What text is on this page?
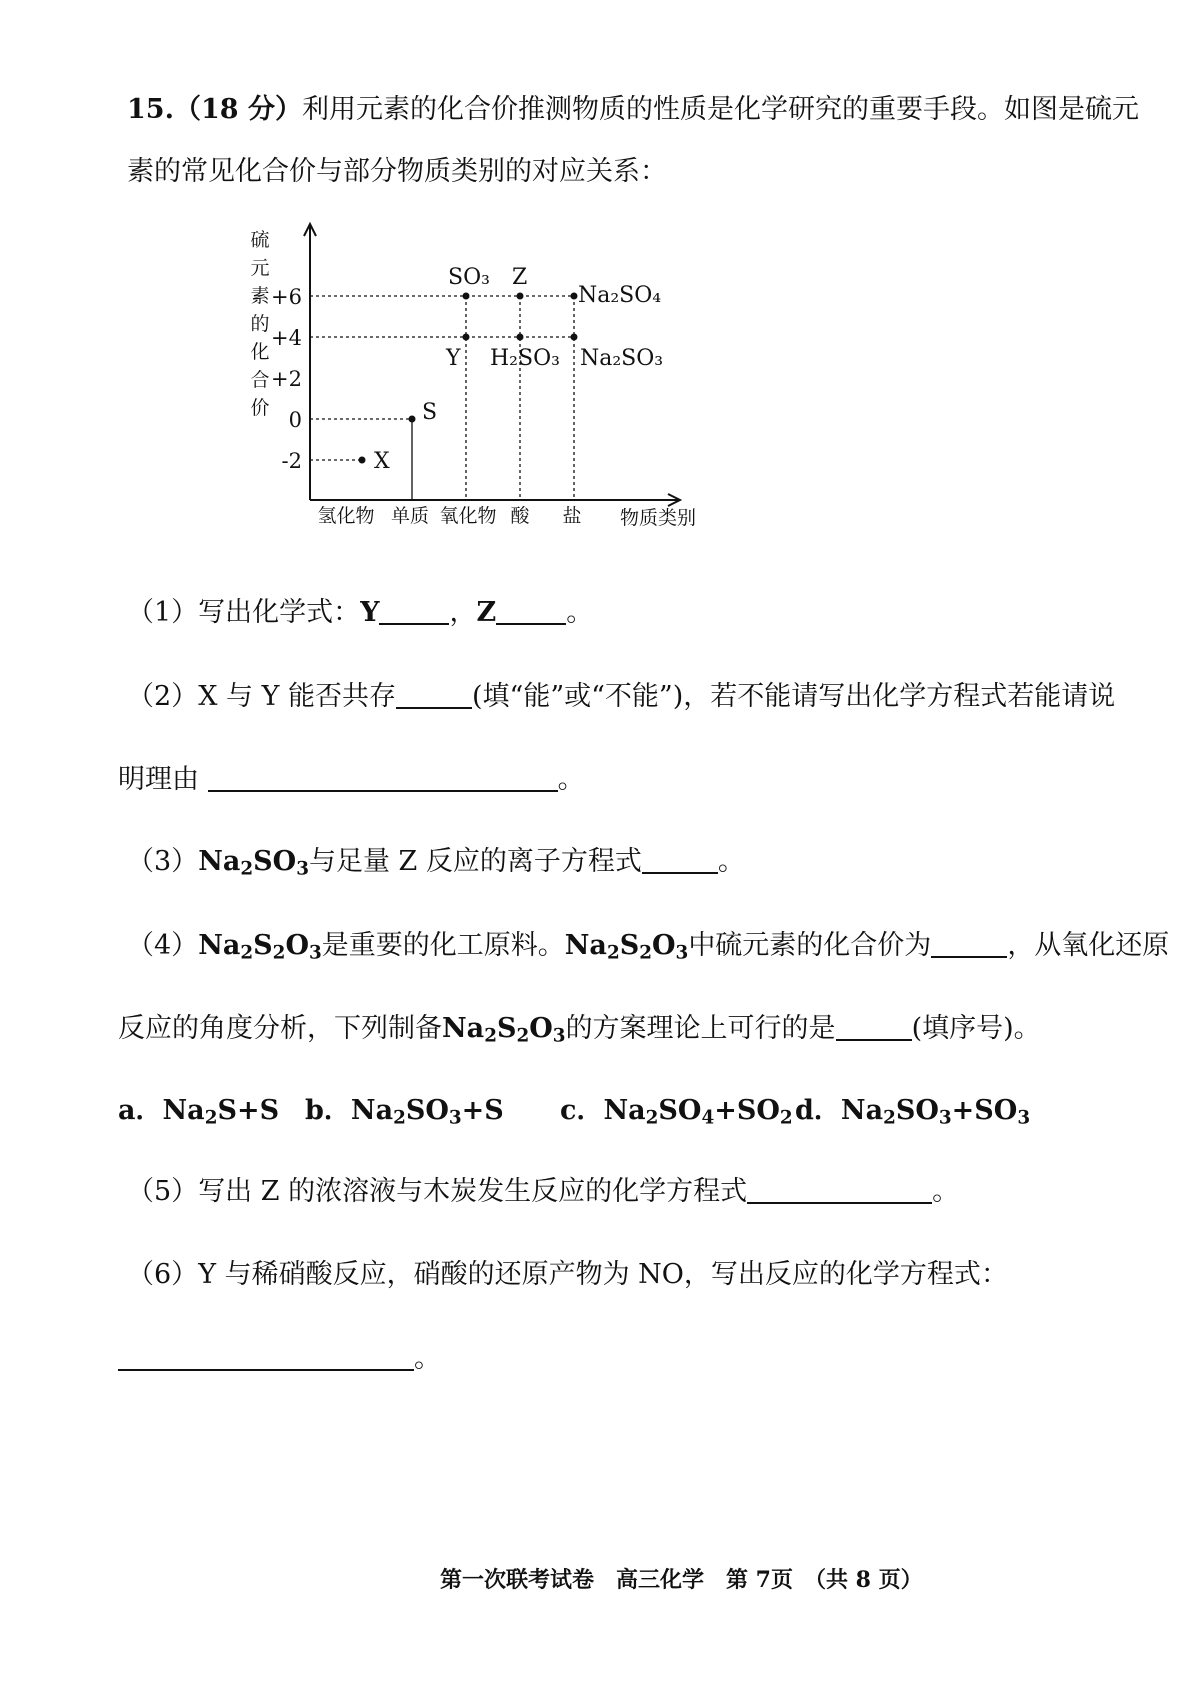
15.（18 分）利用元素的化合价推测物质的性质是化学研究的重要手段。如图是硫元
素的常见化合价与部分物质类别的对应关系：
硫
元
素
的
化
合
价
+6
+4
+2
0
-2
氢化物 单质 氧化物 酸 盐 物质类别
X
S
Y
SO₃
H₂SO₃
Z
Na₂SO₃
Na₂SO₄
（1）写出化学式：Y	，Z	。
（2）X 与 Y 能否共存	(填“能”或“不能”)，若不能请写出化学方程式若能请说
明理由	。
$(3)Na_2SO_3$与足量 Z 反应的离子方程式	。
$(4)Na_2S_2O_3$是重要的化工原料。$Na_2S_2O_3$中硫元素的化合价为	，从氧化还原
反应的角度分析，下列制备$Na_2S_2O_3$的方案理论上可行的是	(填序号)。
a．$Na_2S+S$ b．$Na_2SO_3+S$ c．$Na_2SO_4+SO_2$ d．$Na_2SO_3+SO_3$
（5）写出 Z 的浓溶液与木炭发生反应的化学方程式	。
（6）Y 与稀硝酸反应，硝酸的还原产物为 NO，写出反应的化学方程式：
。
第一次联考试卷　高三化学　第 7页　（共 8 页）
